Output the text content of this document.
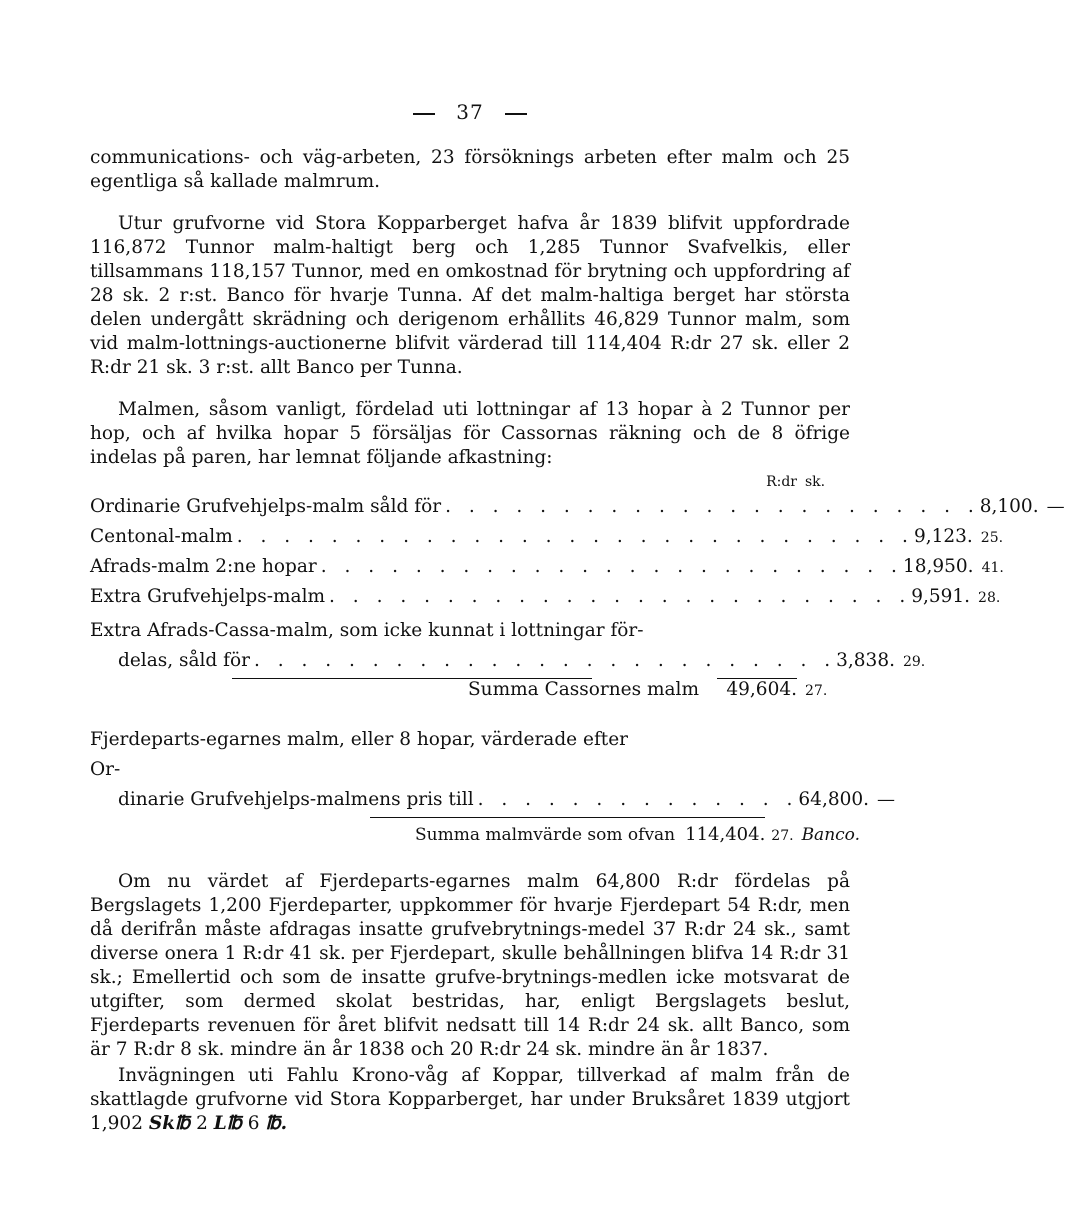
37

communications- och väg-arbeten, 23 försöknings arbeten efter malm och 25 egentliga så kallade malmrum.

Utur grufvorne vid Stora Kopparberget hafva år 1839 blifvit uppfordrade 116,872 Tunnor malm-haltigt berg och 1,285 Tunnor Svafvelkis, eller tillsammans 118,157 Tunnor, med en omkostnad för brytning och uppfordring af 28 sk. 2 r:st. Banco för hvarje Tunna. Af det malm-haltiga berget har största delen undergått skrädning och derigenom erhållits 46,829 Tunnor malm, som vid malm-lottnings-auctionerne blifvit värderad till 114,404 R:dr 27 sk. eller 2 R:dr 21 sk. 3 r:st. allt Banco per Tunna.

Malmen, såsom vanligt, fördelad uti lottningar af 13 hopar à 2 Tunnor per hop, och af hvilka hopar 5 försäljas för Cassornas räkning och de 8 öfrige indelas på paren, har lemnat följande afkastning:

R:dr sk.
Ordinarie Grufvehjelps-malm såld för . . . . . . . . . . . . . . . . . . . . . . . 8,100. —
Centonal-malm . . . . . . . . . . . . . . . . . . . . . . . . . . . . . 9,123. 25.
Afrads-malm 2:ne hopar . . . . . . . . . . . . . . . . . . . . . . . . . 18,950. 41.
Extra Grufvehjelps-malm . . . . . . . . . . . . . . . . . . . . . . . . . 9,591. 28.
Extra Afrads-Cassa-malm, som icke kunnat i lottningar för-
delas, såld för . . . . . . . . . . . . . . . . . . . . . . . . . 3,838. 29.
Summa Cassornes malm	49,604. 27.
Fjerdeparts-egarnes malm, eller 8 hopar, värderade efter Or-
dinarie Grufvehjelps-malmens pris till . . . . . . . . . . . . . . 64,800. —
Summa malmvärde som ofvan 114,404. 27. Banco.

Om nu värdet af Fjerdeparts-egarnes malm 64,800 R:dr fördelas på Bergslagets 1,200 Fjerdeparter, uppkommer för hvarje Fjerdepart 54 R:dr, men då derifrån måste afdragas insatte grufvebrytnings-medel 37 R:dr 24 sk., samt diverse onera 1 R:dr 41 sk. per Fjerdepart, skulle behållningen blifva 14 R:dr 31 sk.; Emellertid och som de insatte grufve-brytnings-medlen icke motsvarat de utgifter, som dermed skolat bestridas, har, enligt Bergslagets beslut, Fjerdeparts revenuen för året blifvit nedsatt till 14 R:dr 24 sk. allt Banco, som är 7 R:dr 8 sk. mindre än år 1838 och 20 R:dr 24 sk. mindre än år 1837.

Invägningen uti Fahlu Krono-våg af Koppar, tillverkad af malm från de skattlagde grufvorne vid Stora Kopparberget, har under Bruksåret 1839 utgjort 1,902 Sk℔ 2 L℔ 6 ℔.
